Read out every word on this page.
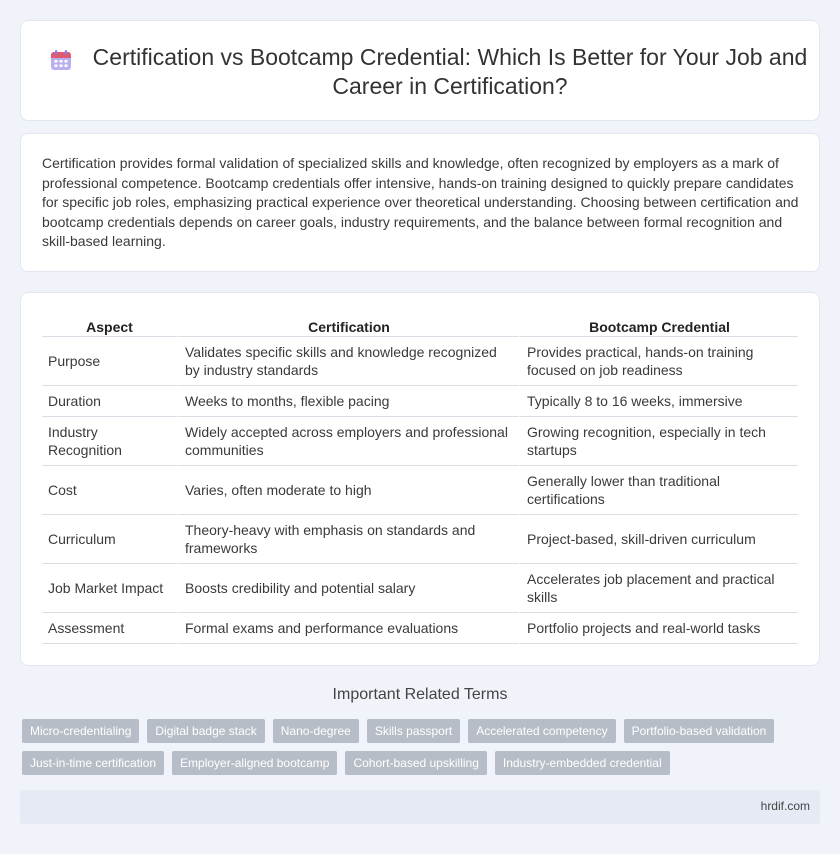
Certification vs Bootcamp Credential: Which Is Better for Your Job and Career in Certification?

Certification provides formal validation of specialized skills and knowledge, often recognized by employers as a mark of professional competence. Bootcamp credentials offer intensive, hands-on training designed to quickly prepare candidates for specific job roles, emphasizing practical experience over theoretical understanding. Choosing between certification and bootcamp credentials depends on career goals, industry requirements, and the balance between formal recognition and skill-based learning.

Aspect	Certification	Bootcamp Credential
Purpose	Validates specific skills and knowledge recognized by industry standards	Provides practical, hands-on training focused on job readiness
Duration	Weeks to months, flexible pacing	Typically 8 to 16 weeks, immersive
Industry Recognition	Widely accepted across employers and professional communities	Growing recognition, especially in tech startups
Cost	Varies, often moderate to high	Generally lower than traditional certifications
Curriculum	Theory-heavy with emphasis on standards and frameworks	Project-based, skill-driven curriculum
Job Market Impact	Boosts credibility and potential salary	Accelerates job placement and practical skills
Assessment	Formal exams and performance evaluations	Portfolio projects and real-world tasks
Important Related Terms
Micro-credentialing	Digital badge stack	Nano-degree	Skills passport	Accelerated competency	Portfolio-based validation
Just-in-time certification	Employer-aligned bootcamp	Cohort-based upskilling	Industry-embedded credential
hrdif.com
